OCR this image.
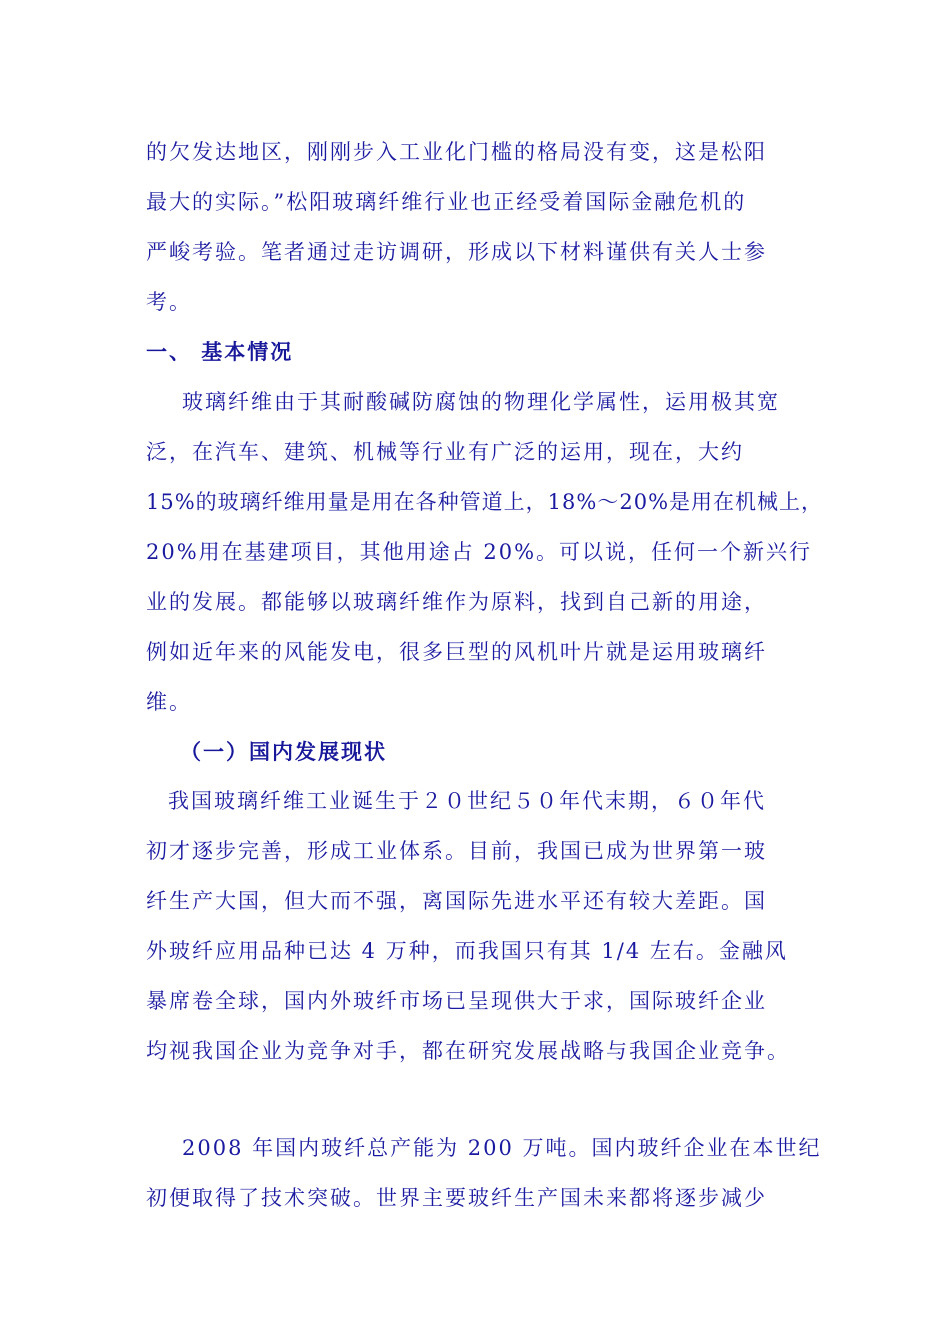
的欠发达地区，刚刚步入工业化门槛的格局没有变，这是松阳
最大的实际。”松阳玻璃纤维行业也正经受着国际金融危机的
严峻考验。笔者通过走访调研，形成以下材料谨供有关人士参
考。
一、 基本情况
玻璃纤维由于其耐酸碱防腐蚀的物理化学属性，运用极其宽
泛，在汽车、建筑、机械等行业有广泛的运用，现在，大约
15%的玻璃纤维用量是用在各种管道上，18%～20%是用在机械上，
20%用在基建项目，其他用途占 20%。可以说，任何一个新兴行
业的发展。都能够以玻璃纤维作为原料，找到自己新的用途，
例如近年来的风能发电，很多巨型的风机叶片就是运用玻璃纤
维。
（一）国内发展现状
我国玻璃纤维工业诞生于２０世纪５０年代末期，６０年代
初才逐步完善，形成工业体系。目前，我国已成为世界第一玻
纤生产大国，但大而不强，离国际先进水平还有较大差距。国
外玻纤应用品种已达 4 万种，而我国只有其 1/4 左右。金融风
暴席卷全球，国内外玻纤市场已呈现供大于求，国际玻纤企业
均视我国企业为竞争对手，都在研究发展战略与我国企业竞争。
2008 年国内玻纤总产能为 200 万吨。国内玻纤企业在本世纪
初便取得了技术突破。世界主要玻纤生产国未来都将逐步减少
